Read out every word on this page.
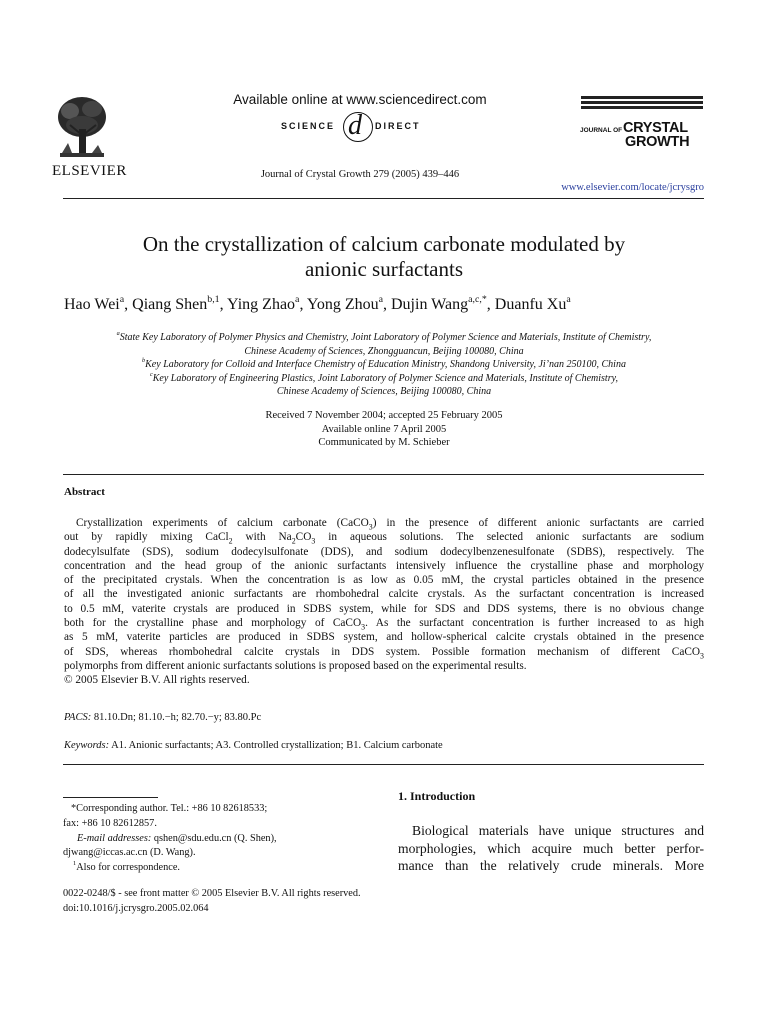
ELSEVIER
Available online at www.sciencedirect.com
SCIENCE d DIRECT
Journal of Crystal Growth 279 (2005) 439–446
JOURNAL OF CRYSTAL
GROWTH
www.elsevier.com/locate/jcrysgro
On the crystallization of calcium carbonate modulated by
anionic surfactants
Hao Wei$^a$, Qiang Shen$^{b,1}$, Ying Zhao$^a$, Yong Zhou$^a$, Dujin Wang$^{a,c,*}$, Duanfu Xu$^a$
$^a$State Key Laboratory of Polymer Physics and Chemistry, Joint Laboratory of Polymer Science and Materials, Institute of Chemistry,
Chinese Academy of Sciences, Zhongguancun, Beijing 100080, China
$^b$Key Laboratory for Colloid and Interface Chemistry of Education Ministry, Shandong University, Ji’nan 250100, China
$^c$Key Laboratory of Engineering Plastics, Joint Laboratory of Polymer Science and Materials, Institute of Chemistry,
Chinese Academy of Sciences, Beijing 100080, China
Received 7 November 2004; accepted 25 February 2005
Available online 7 April 2005
Communicated by M. Schieber
Abstract
Crystallization experiments of calcium carbonate (CaCO$_3$) in the presence of different anionic surfactants are carried
out by rapidly mixing CaCl$_2$ with $Na_2CO_3$ in aqueous solutions. The selected anionic surfactants are sodium
dodecylsulfate (SDS), sodium dodecylsulfonate (DDS), and sodium dodecylbenzenesulfonate (SDBS), respectively. The
concentration and the head group of the anionic surfactants intensively influence the crystalline phase and morphology
of the precipitated crystals. When the concentration is as low as 0.05 mM, the crystal particles obtained in the presence
of all the investigated anionic surfactants are rhombohedral calcite crystals. As the surfactant concentration is increased
to 0.5 mM, vaterite crystals are produced in SDBS system, while for SDS and DDS systems, there is no obvious change
both for the crystalline phase and morphology of CaCO$_3$. As the surfactant concentration is further increased to as high
as 5 mM, vaterite particles are produced in SDBS system, and hollow-spherical calcite crystals obtained in the presence
of SDS, whereas rhombohedral calcite crystals in DDS system. Possible formation mechanism of different CaCO$_3$
polymorphs from different anionic surfactants solutions is proposed based on the experimental results.
© 2005 Elsevier B.V. All rights reserved.
PACS: 81.10.Dn; 81.10.−h; 82.70.−y; 83.80.Pc
Keywords: A1. Anionic surfactants; A3. Controlled crystallization; B1. Calcium carbonate
*Corresponding author. Tel.: +86 10 82618533;
fax: +86 10 82612857.
E-mail addresses: qshen@sdu.edu.cn (Q. Shen),
djwang@iccas.ac.cn (D. Wang).
$^1$Also for correspondence.
0022-0248/$ - see front matter © 2005 Elsevier B.V. All rights reserved.
doi:10.1016/j.jcrysgro.2005.02.064
1. Introduction
Biological materials have unique structures and
morphologies, which acquire much better perfor-
mance than the relatively crude minerals. More
